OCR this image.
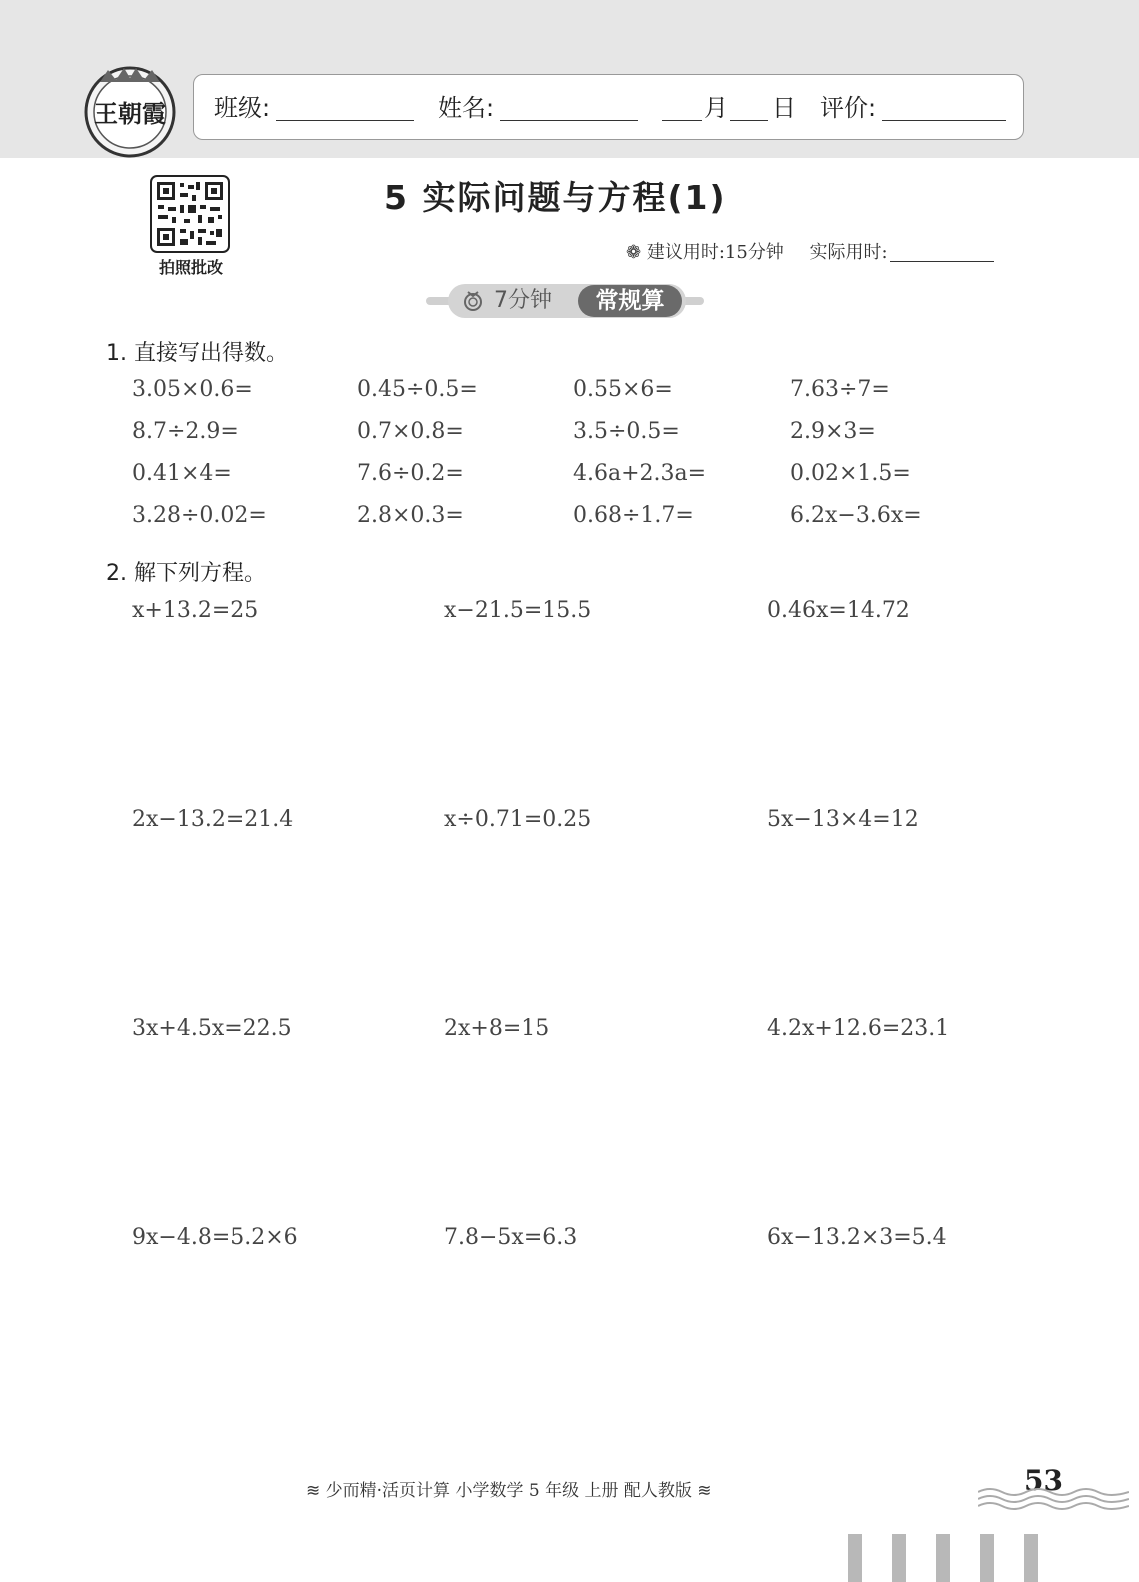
王朝霞 班级:	姓名:	月 日 评价:
拍照批改
5 实际问题与方程(1)
❁ 建议用时:15分钟 实际用时:
7分钟	常规算
1. 直接写出得数。
3.05×0.6=	0.45÷0.5=	0.55×6=	7.63÷7=
8.7÷2.9=	0.7×0.8=	3.5÷0.5=	2.9×3=
0.41×4=	7.6÷0.2=	4.6a+2.3a=	0.02×1.5=
3.28÷0.02=	2.8×0.3=	0.68÷1.7=	6.2x−3.6x=
2. 解下列方程。
x+13.2=25	x−21.5=15.5	0.46x=14.72
2x−13.2=21.4	x÷0.71=0.25	5x−13×4=12
3x+4.5x=22.5	2x+8=15	4.2x+12.6=23.1
9x−4.8=5.2×6	7.8−5x=6.3	6x−13.2×3=5.4
≋ 少而精·活页计算 小学数学 5 年级 上册 配人教版 ≋	53
